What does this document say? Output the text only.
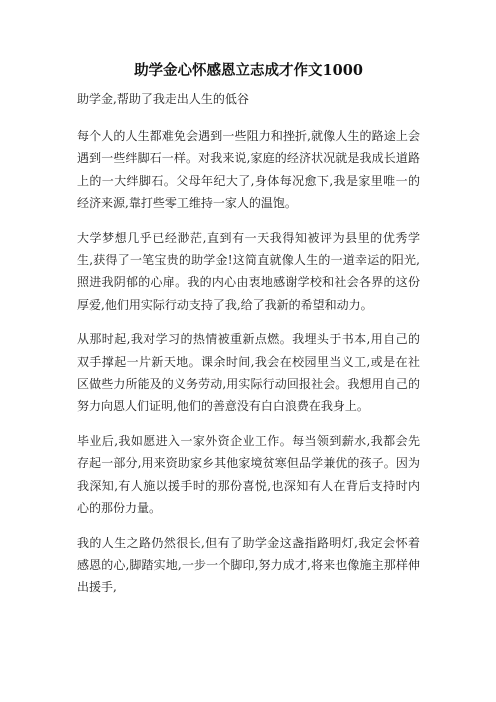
助学金心怀感恩立志成才作文1000

助学金,帮助了我走出人生的低谷

每个人的人生都难免会遇到一些阻力和挫折,就像人生的路途上会遇到一些绊脚石一样。对我来说,家庭的经济状况就是我成长道路上的一大绊脚石。父母年纪大了,身体每况愈下,我是家里唯一的经济来源,靠打些零工维持一家人的温饱。

大学梦想几乎已经渺茫,直到有一天我得知被评为县里的优秀学生,获得了一笔宝贵的助学金!这简直就像人生的一道幸运的阳光,照进我阴郁的心扉。我的内心由衷地感谢学校和社会各界的这份厚爱,他们用实际行动支持了我,给了我新的希望和动力。

从那时起,我对学习的热情被重新点燃。我埋头于书本,用自己的双手撑起一片新天地。课余时间,我会在校园里当义工,或是在社区做些力所能及的义务劳动,用实际行动回报社会。我想用自己的努力向恩人们证明,他们的善意没有白白浪费在我身上。

毕业后,我如愿进入一家外资企业工作。每当领到薪水,我都会先存起一部分,用来资助家乡其他家境贫寒但品学兼优的孩子。因为我深知,有人施以援手时的那份喜悦,也深知有人在背后支持时内心的那份力量。

我的人生之路仍然很长,但有了助学金这盏指路明灯,我定会怀着感恩的心,脚踏实地,一步一个脚印,努力成才,将来也像施主那样伸出援手,
